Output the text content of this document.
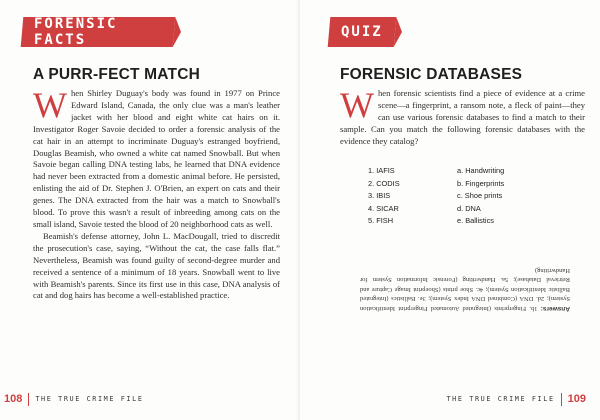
FORENSIC FACTS
A PURR-FECT MATCH

When Shirley Duguay's body was found in 1977 on Prince Edward Island, Canada, the only clue was a man's leather jacket with her blood and eight white cat hairs on it. Investigator Roger Savoie decided to order a forensic analysis of the cat hair in an attempt to incriminate Duguay's estranged boyfriend, Douglas Beamish, who owned a white cat named Snowball. But when Savoie began calling DNA testing labs, he learned that DNA evidence had never been extracted from a domestic animal before. He persisted, enlisting the aid of Dr. Stephen J. O'Brien, an expert on cats and their genes. The DNA extracted from the hair was a match to Snowball's blood. To prove this wasn't a result of inbreeding among cats on the small island, Savoie tested the blood of 20 neighborhood cats as well.

Beamish's defense attorney, John L. MacDougall, tried to discredit the prosecution's case, saying, “Without the cat, the case falls flat.” Nevertheless, Beamish was found guilty of second-degree murder and received a sentence of a minimum of 18 years. Snowball went to live with Beamish's parents. Since its first use in this case, DNA analysis of cat and dog hairs has become a well-established practice.

108 THE TRUE CRIME FILE
QUIZ
FORENSIC DATABASES

When forensic scientists find a piece of evidence at a crime scene—a fingerprint, a ransom note, a fleck of paint—they can use various forensic databases to find a match to their sample. Can you match the following forensic databases with the evidence they catalog?

1. IAFIS
2. CODIS
3. IBIS
4. SICAR
5. FISH
a. Handwriting
b. Fingerprints
c. Shoe prints
d. DNA
e. Ballistics
Answers: 1b. Fingerprints (Integrated Automated Fingerprint Identification System); 2d. DNA (Combined DNA Index System); 3e. Ballistics (Integrated Ballistic Identification System); 4c. Shoe prints (Shoeprint Image Capture and Retrieval Database); 5a. Handwriting (Forensic Information System for Handwriting)
THE TRUE CRIME FILE 109
